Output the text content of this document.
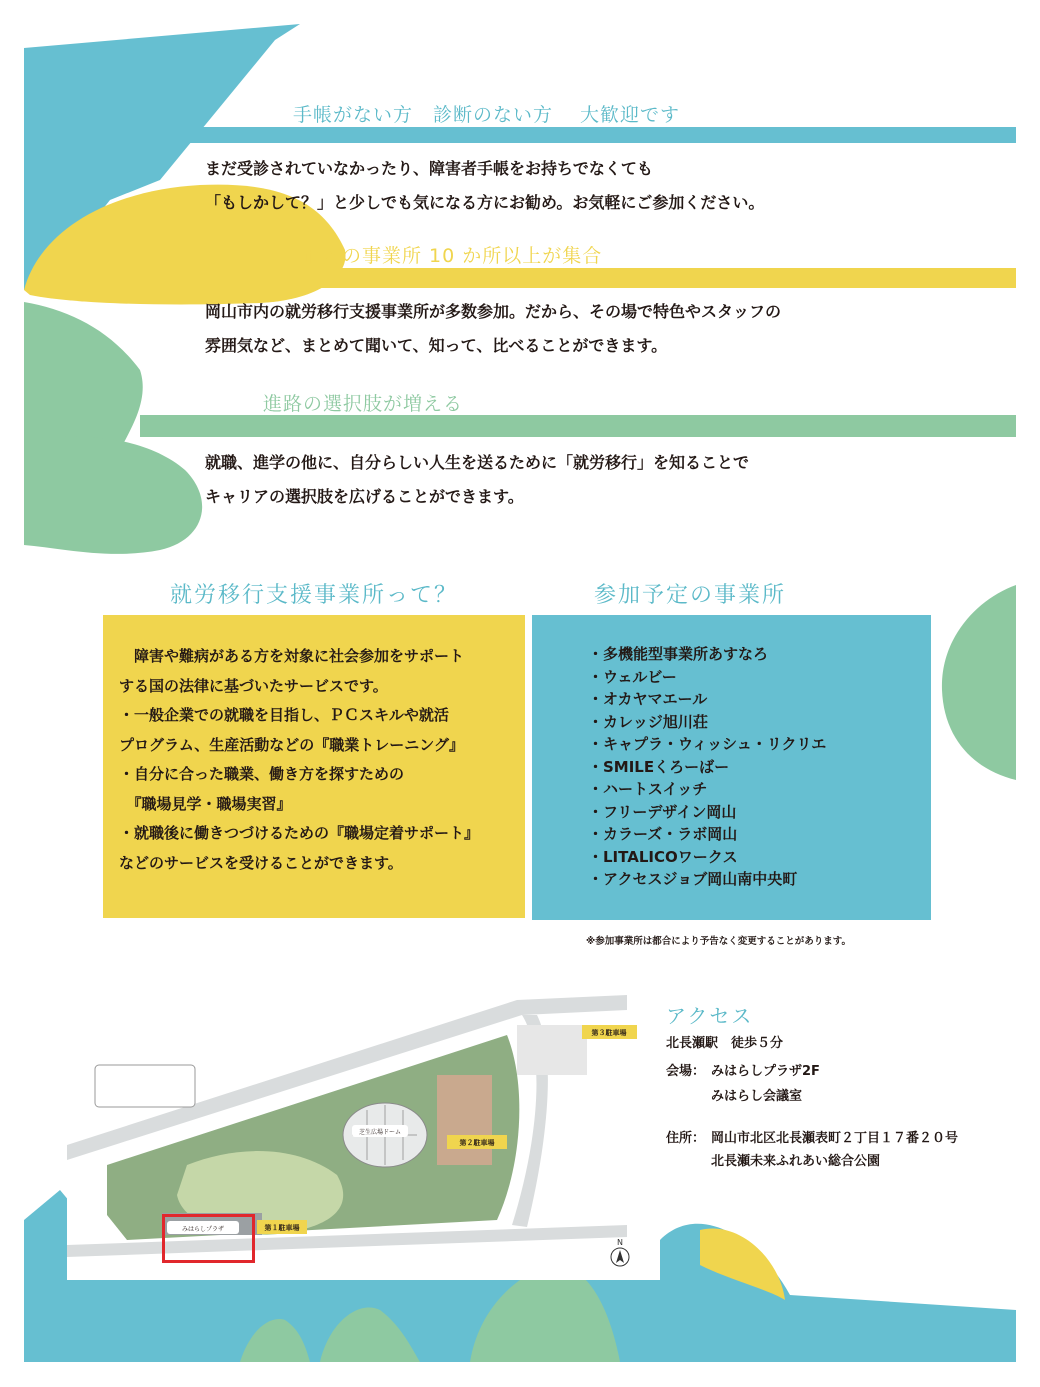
手帳がない方　診断のない方　 大歓迎です
まだ受診されていなかったり、障害者手帳をお持ちでなくても
「もしかして？」と少しでも気になる方にお勧め。お気軽にご参加ください。
市内の事業所 10 か所以上が集合
岡山市内の就労移行支援事業所が多数参加。だから、その場で特色やスタッフの
雰囲気など、まとめて聞いて、知って、比べることができます。
進路の選択肢が増える
就職、進学の他に、自分らしい人生を送るために「就労移行」を知ることで
キャリアの選択肢を広げることができます。
就労移行支援事業所って？	参加予定の事業所
　障害や難病がある方を対象に社会参加をサポート
する国の法律に基づいたサービスです。
・一般企業での就職を目指し、ＰＣスキルや就活
プログラム、生産活動などの『職業トレーニング』
・自分に合った職業、働き方を探すための
　『職場見学・職場実習』
・就職後に働きつづけるための『職場定着サポート』
などのサービスを受けることができます。
・多機能型事業所あすなろ
・ウェルビー
・オカヤマエール
・カレッジ旭川荘
・キャプラ・ウィッシュ・リクリエ
・SMILEくろーばー
・ハートスイッチ
・フリーデザイン岡山
・カラーズ・ラボ岡山
・LITALICOワークス
・アクセスジョブ岡山南中央町
※参加事業所は都合により予告なく変更することがあります。
第２駐車場
第３駐車場
第１駐車場
芝生広場ドーム
みはらしプラザ
N
アクセス
北長瀬駅　徒歩５分
会場： みはらしプラザ2F
みはらし会議室
住所： 岡山市北区北長瀬表町２丁目１７番２０号
北長瀬未来ふれあい総合公園
